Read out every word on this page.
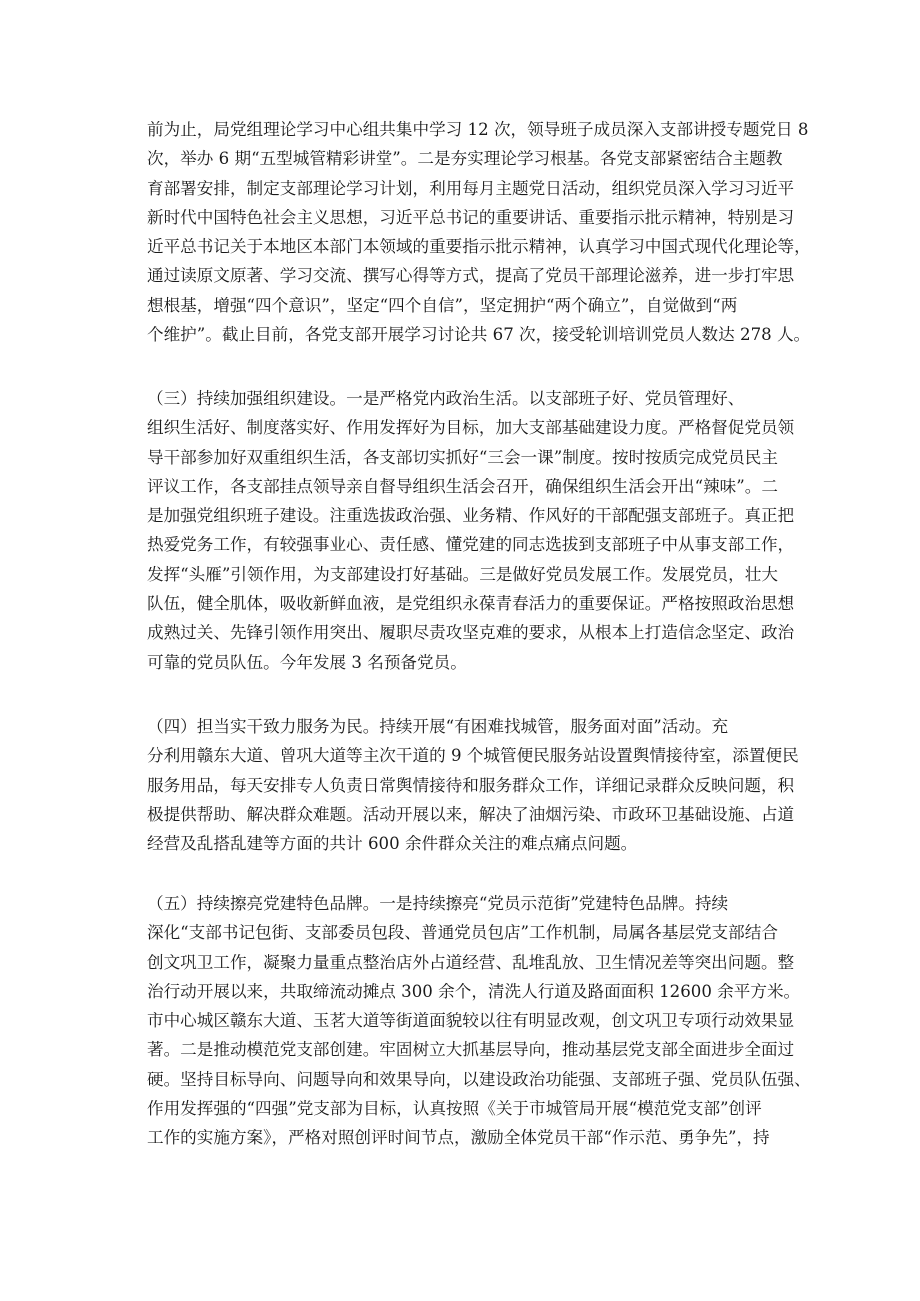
前为止，局党组理论学习中心组共集中学习 12 次，领导班子成员深入支部讲授专题党日 8
次，举办 6 期“五型城管精彩讲堂”。二是夯实理论学习根基。各党支部紧密结合主题教
育部署安排，制定支部理论学习计划，利用每月主题党日活动，组织党员深入学习习近平
新时代中国特色社会主义思想，习近平总书记的重要讲话、重要指示批示精神，特别是习
近平总书记关于本地区本部门本领域的重要指示批示精神，认真学习中国式现代化理论等，
通过读原文原著、学习交流、撰写心得等方式，提高了党员干部理论滋养，进一步打牢思
想根基，增强“四个意识”，坚定“四个自信”，坚定拥护“两个确立”，自觉做到“两
个维护”。截止目前，各党支部开展学习讨论共 67 次，接受轮训培训党员人数达 278 人。
（三）持续加强组织建设。一是严格党内政治生活。以支部班子好、党员管理好、
组织生活好、制度落实好、作用发挥好为目标，加大支部基础建设力度。严格督促党员领
导干部参加好双重组织生活，各支部切实抓好“三会一课”制度。按时按质完成党员民主
评议工作，各支部挂点领导亲自督导组织生活会召开，确保组织生活会开出“辣味”。二
是加强党组织班子建设。注重选拔政治强、业务精、作风好的干部配强支部班子。真正把
热爱党务工作，有较强事业心、责任感、懂党建的同志选拔到支部班子中从事支部工作，
发挥“头雁”引领作用，为支部建设打好基础。三是做好党员发展工作。发展党员，壮大
队伍，健全肌体，吸收新鲜血液，是党组织永葆青春活力的重要保证。严格按照政治思想
成熟过关、先锋引领作用突出、履职尽责攻坚克难的要求，从根本上打造信念坚定、政治
可靠的党员队伍。今年发展 3 名预备党员。
（四）担当实干致力服务为民。持续开展“有困难找城管，服务面对面”活动。充
分利用赣东大道、曾巩大道等主次干道的 9 个城管便民服务站设置舆情接待室，添置便民
服务用品，每天安排专人负责日常舆情接待和服务群众工作，详细记录群众反映问题，积
极提供帮助、解决群众难题。活动开展以来，解决了油烟污染、市政环卫基础设施、占道
经营及乱搭乱建等方面的共计 600 余件群众关注的难点痛点问题。
（五）持续擦亮党建特色品牌。一是持续擦亮“党员示范街”党建特色品牌。持续
深化“支部书记包街、支部委员包段、普通党员包店”工作机制，局属各基层党支部结合
创文巩卫工作，凝聚力量重点整治店外占道经营、乱堆乱放、卫生情况差等突出问题。整
治行动开展以来，共取缔流动摊点 300 余个，清洗人行道及路面面积 12600 余平方米。
市中心城区赣东大道、玉茗大道等街道面貌较以往有明显改观，创文巩卫专项行动效果显
著。二是推动模范党支部创建。牢固树立大抓基层导向，推动基层党支部全面进步全面过
硬。坚持目标导向、问题导向和效果导向，以建设政治功能强、支部班子强、党员队伍强、
作用发挥强的“四强”党支部为目标，认真按照《关于市城管局开展“模范党支部”创评
工作的实施方案》，严格对照创评时间节点，激励全体党员干部“作示范、勇争先”，持
